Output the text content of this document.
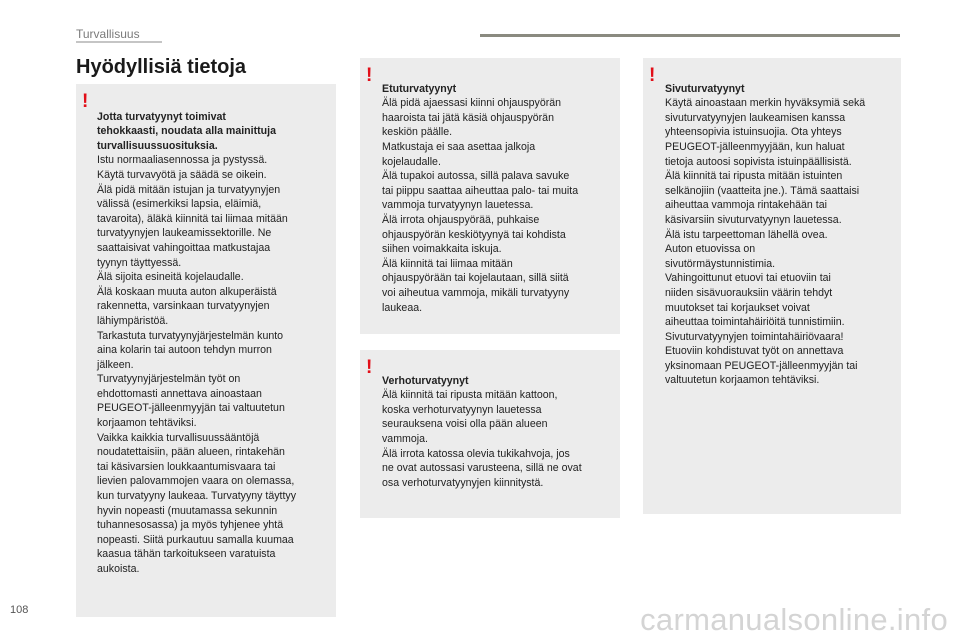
Turvallisuus
Hyödyllisiä tietoja
!

Jotta turvatyynyt toimivat
tehokkaasti, noudata alla mainittuja
turvallisuussuosituksia.
Istu normaaliasennossa ja pystyssä.
Käytä turvavyötä ja säädä se oikein.
Älä pidä mitään istujan ja turvatyynyjen
välissä (esimerkiksi lapsia, eläimiä,
tavaroita), äläkä kiinnitä tai liimaa mitään
turvatyynyjen laukeamissektorille. Ne
saattaisivat vahingoittaa matkustajaa
tyynyn täyttyessä.
Älä sijoita esineitä kojelaudalle.
Älä koskaan muuta auton alkuperäistä
rakennetta, varsinkaan turvatyynyjen
lähiympäristöä.
Tarkastuta turvatyynyjärjestelmän kunto
aina kolarin tai autoon tehdyn murron
jälkeen.
Turvatyynyjärjestelmän työt on
ehdottomasti annettava ainoastaan
PEUGEOT-jälleenmyyjän tai valtuutetun
korjaamon tehtäviksi.
Vaikka kaikkia turvallisuussääntöjä
noudatettaisiin, pään alueen, rintakehän
tai käsivarsien loukkaantumisvaara tai
lievien palovammojen vaara on olemassa,
kun turvatyyny laukeaa. Turvatyyny täyttyy
hyvin nopeasti (muutamassa sekunnin
tuhannesosassa) ja myös tyhjenee yhtä
nopeasti. Siitä purkautuu samalla kuumaa
kaasua tähän tarkoitukseen varatuista
aukoista.

!

Etuturvatyynyt
Älä pidä ajaessasi kiinni ohjauspyörän
haaroista tai jätä käsiä ohjauspyörän
keskiön päälle.
Matkustaja ei saa asettaa jalkoja
kojelaudalle.
Älä tupakoi autossa, sillä palava savuke
tai piippu saattaa aiheuttaa palo- tai muita
vammoja turvatyynyn lauetessa.
Älä irrota ohjauspyörää, puhkaise
ohjauspyörän keskiötyynyä tai kohdista
siihen voimakkaita iskuja.
Älä kiinnitä tai liimaa mitään
ohjauspyörään tai kojelautaan, sillä siitä
voi aiheutua vammoja, mikäli turvatyyny
laukeaa.

!

Verhoturvatyynyt
Älä kiinnitä tai ripusta mitään kattoon,
koska verhoturvatyynyn lauetessa
seurauksena voisi olla pään alueen
vammoja.
Älä irrota katossa olevia tukikahvoja, jos
ne ovat autossasi varusteena, sillä ne ovat
osa verhoturvatyynyjen kiinnitystä.

!

Sivuturvatyynyt
Käytä ainoastaan merkin hyväksymiä sekä
sivuturvatyynyjen laukeamisen kanssa
yhteensopivia istuinsuojia. Ota yhteys
PEUGEOT-jälleenmyyjään, kun haluat
tietoja autoosi sopivista istuinpäällisistä.
Älä kiinnitä tai ripusta mitään istuinten
selkänojiin (vaatteita jne.). Tämä saattaisi
aiheuttaa vammoja rintakehään tai
käsivarsiin sivuturvatyynyn lauetessa.
Älä istu tarpeettoman lähellä ovea.
Auton etuovissa on
sivutörmäystunnistimia.
Vahingoittunut etuovi tai etuoviin tai
niiden sisävuorauksiin väärin tehdyt
muutokset tai korjaukset voivat
aiheuttaa toimintahäiriöitä tunnistimiin.
Sivuturvatyynyjen toimintahäiriövaara!
Etuoviin kohdistuvat työt on annettava
yksinomaan PEUGEOT-jälleenmyyjän tai
valtuutetun korjaamon tehtäviksi.

108	carmanualsonline.info
